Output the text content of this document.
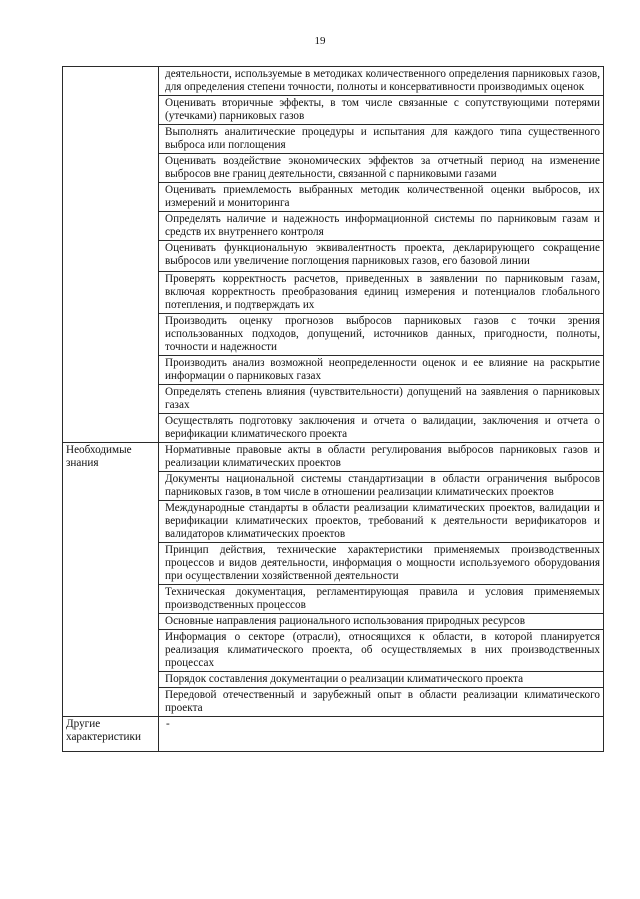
19
	деятельности, используемые в методиках количественного определения парниковых газов, для определения степени точности, полноты и консервативности производимых оценок
	Оценивать вторичные эффекты, в том числе связанные с сопутствующими потерями (утечками) парниковых газов
	Выполнять аналитические процедуры и испытания для каждого типа существенного выброса или поглощения
	Оценивать воздействие экономических эффектов за отчетный период на изменение выбросов вне границ деятельности, связанной с парниковыми газами
	Оценивать приемлемость выбранных методик количественной оценки выбросов, их измерений и мониторинга
	Определять наличие и надежность информационной системы по парниковым газам и средств их внутреннего контроля
	Оценивать функциональную эквивалентность проекта, декларирующего сокращение выбросов или увеличение поглощения парниковых газов, его базовой линии
	Проверять корректность расчетов, приведенных в заявлении по парниковым газам, включая корректность преобразования единиц измерения и потенциалов глобального потепления, и подтверждать их
	Производить оценку прогнозов выбросов парниковых газов с точки зрения использованных подходов, допущений, источников данных, пригодности, полноты, точности и надежности
	Производить анализ возможной неопределенности оценок и ее влияние на раскрытие информации о парниковых газах
	Определять степень влияния (чувствительности) допущений на заявления о парниковых газах
	Осуществлять подготовку заключения и отчета о валидации, заключения и отчета о верификации климатического проекта

Необходимые знания	Нормативные правовые акты в области регулирования выбросов парниковых газов и реализации климатических проектов
	Документы национальной системы стандартизации в области ограничения выбросов парниковых газов, в том числе в отношении реализации климатических проектов
	Международные стандарты в области реализации климатических проектов, валидации и верификации климатических проектов, требований к деятельности верификаторов и валидаторов климатических проектов
	Принцип действия, технические характеристики применяемых производственных процессов и видов деятельности, информация о мощности используемого оборудования при осуществлении хозяйственной деятельности
	Техническая документация, регламентирующая правила и условия применяемых производственных процессов
	Основные направления рационального использования природных ресурсов
	Информация о секторе (отрасли), относящихся к области, в которой планируется реализация климатического проекта, об осуществляемых в них производственных процессах
	Порядок составления документации о реализации климатического проекта
	Передовой отечественный и зарубежный опыт в области реализации климатического проекта

Другие характеристики	-
